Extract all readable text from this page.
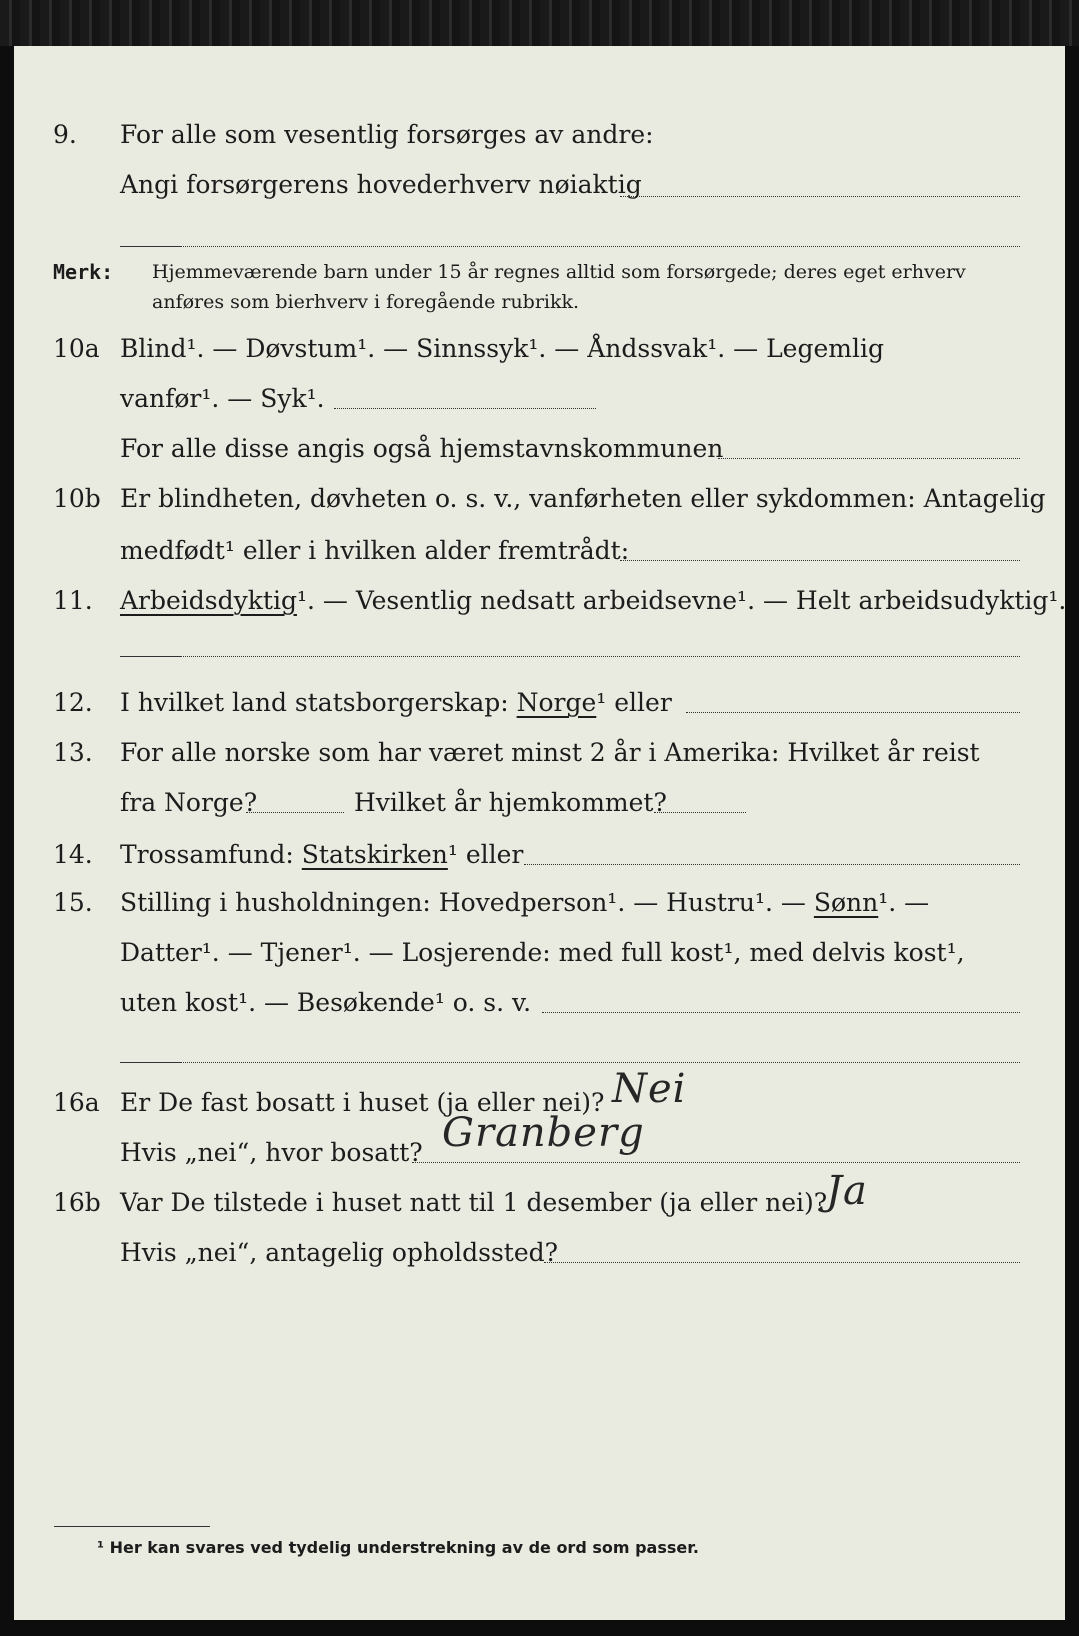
9. For alle som vesentlig forsørges av andre:
Angi forsørgerens hovederhverv nøiaktig
Merk: Hjemmeværende barn under 15 år regnes alltid som forsørgede; deres eget erhverv
anføres som bierhverv i foregående rubrikk.
10a Blind¹. — Døvstum¹. — Sinnssyk¹. — Åndssvak¹. — Legemlig
vanfør¹. — Syk¹.
For alle disse angis også hjemstavnskommunen
10b Er blindheten, døvheten o. s. v., vanførheten eller sykdommen: Antagelig
medfødt¹ eller i hvilken alder fremtrådt:
11. Arbeidsdyktig¹. — Vesentlig nedsatt arbeidsevne¹. — Helt arbeidsudyktig¹.
12. I hvilket land statsborgerskap: Norge¹ eller
13. For alle norske som har været minst 2 år i Amerika: Hvilket år reist
fra Norge?	Hvilket år hjemkommet?
14. Trossamfund: Statskirken¹ eller
15. Stilling i husholdningen: Hovedperson¹. — Hustru¹. — Sønn¹. —
Datter¹. — Tjener¹. — Losjerende: med full kost¹, med delvis kost¹,
uten kost¹. — Besøkende¹ o. s. v.
16a Er De fast bosatt i huset (ja eller nei)? Nei
Hvis „nei“, hvor bosatt? Granberg
16b Var De tilstede i huset natt til 1 desember (ja eller nei)?
Ja
Hvis „nei“, antagelig opholdssted?
¹ Her kan svares ved tydelig understrekning av de ord som passer.
